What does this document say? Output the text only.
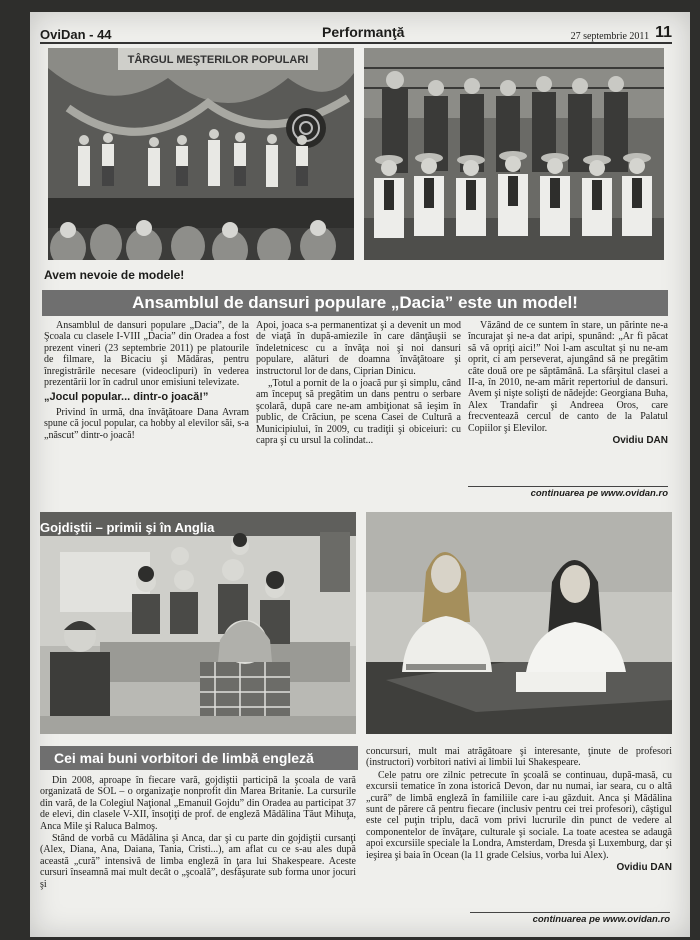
OviDan - 44	Performanţă	27 septembrie 2011 11
TÂRGUL MEŞTERILOR POPULARI
Avem nevoie de modele!
Ansamblul de dansuri populare „Dacia” este un model!

Ansamblul de dansuri populare „Dacia”, de la Şcoala cu clasele I-VIII „Dacia” din Oradea a fost prezent vineri (23 septembrie 2011) pe platourile de filmare, la Bicaciu şi Mădăras, pentru înregistrările necesare (videoclipuri) în vederea prezentării lor în cadrul unor emisiuni televizate.

„Jocul popular... dintr-o joacă!”

Privind în urmă, dna învăţătoare Dana Avram spune că jocul popular, ca hobby al elevilor săi, s-a „născut” dintr-o joacă!

Apoi, joaca s-a permanentizat şi a devenit un mod de viaţă în după-amiezile în care dânţăuşii se îndeletnicesc cu a învăţa noi şi noi dansuri populare, alături de doamna învăţătoare şi instructorul lor de dans, Ciprian Dinicu.

„Totul a pornit de la o joacă pur şi simplu, când am începuţ să pregătim un dans pentru o serbare şcolară, după care ne-am ambiţionat să ieşim în public, de Crăciun, pe scena Casei de Cultură a Municipiului, în 2009, cu tradiţii şi obiceiuri: cu capra şi cu ursul la colindat...

Văzând de ce suntem în stare, un părinte ne-a încurajat şi ne-a dat aripi, spunând: „Ar fi păcat să vă opriţi aici!” Noi l-am ascultat şi nu ne-am oprit, ci am perseverat, ajungând să ne pregătim câte două ore pe săptămână. La sfârşitul clasei a II-a, în 2010, ne-am mărit repertoriul de dansuri. Avem şi nişte solişti de nădejde: Georgiana Buha, Alex Trandafir şi Andreea Oros, care frecventează cercul de canto de la Palatul Copiilor şi Elevilor.

Ovidiu DAN
continuarea pe www.ovidan.ro
Gojdiştii – primii şi în Anglia
Cei mai buni vorbitori de limbă engleză

Din 2008, aproape în fiecare vară, gojdiştii participă la şcoala de vară organizată de SOL – o organizaţie nonprofit din Marea Britanie. La cursurile din vară, de la Colegiul Naţional „Emanuil Gojdu” din Oradea au participat 37 de elevi, din clasele V-XII, însoţiţi de prof. de engleză Mădălina Tăut Mihuţa, Anca Mile şi Raluca Balmoş.

Stând de vorbă cu Mădălina şi Anca, dar şi cu parte din gojdiştii cursanţi (Alex, Diana, Ana, Daiana, Tania, Cristi...), am aflat cu ce s-au ales după această „cură” intensivă de limba engleză în ţara lui Shakespeare. Aceste cursuri înseamnă mai mult decât o „şcoală”, desfăşurate sub forma unor jocuri şi

concursuri, mult mai atrăgătoare şi interesante, ţinute de profesori (instructori) vorbitori nativi ai limbii lui Shakespeare.

Cele patru ore zilnic petrecute în şcoală se continuau, după-masă, cu excursii tematice în zona istorică Devon, dar nu numai, iar seara, cu o altă „cură” de limbă engleză în familiile care i-au găzduit. Anca şi Mădălina sunt de părere că pentru fiecare (inclusiv pentru cei trei profesori), câştigul este cel puţin triplu, dacă vom privi lucrurile din punct de vedere al componentelor de învăţare, culturale şi sociale. La toate acestea se adaugă apoi excursiile speciale la Londra, Amsterdam, Dresda şi Luxemburg, dar şi ieşirea şi baia în Ocean (la 11 grade Celsius, vorba lui Alex).

Ovidiu DAN
continuarea pe www.ovidan.ro
